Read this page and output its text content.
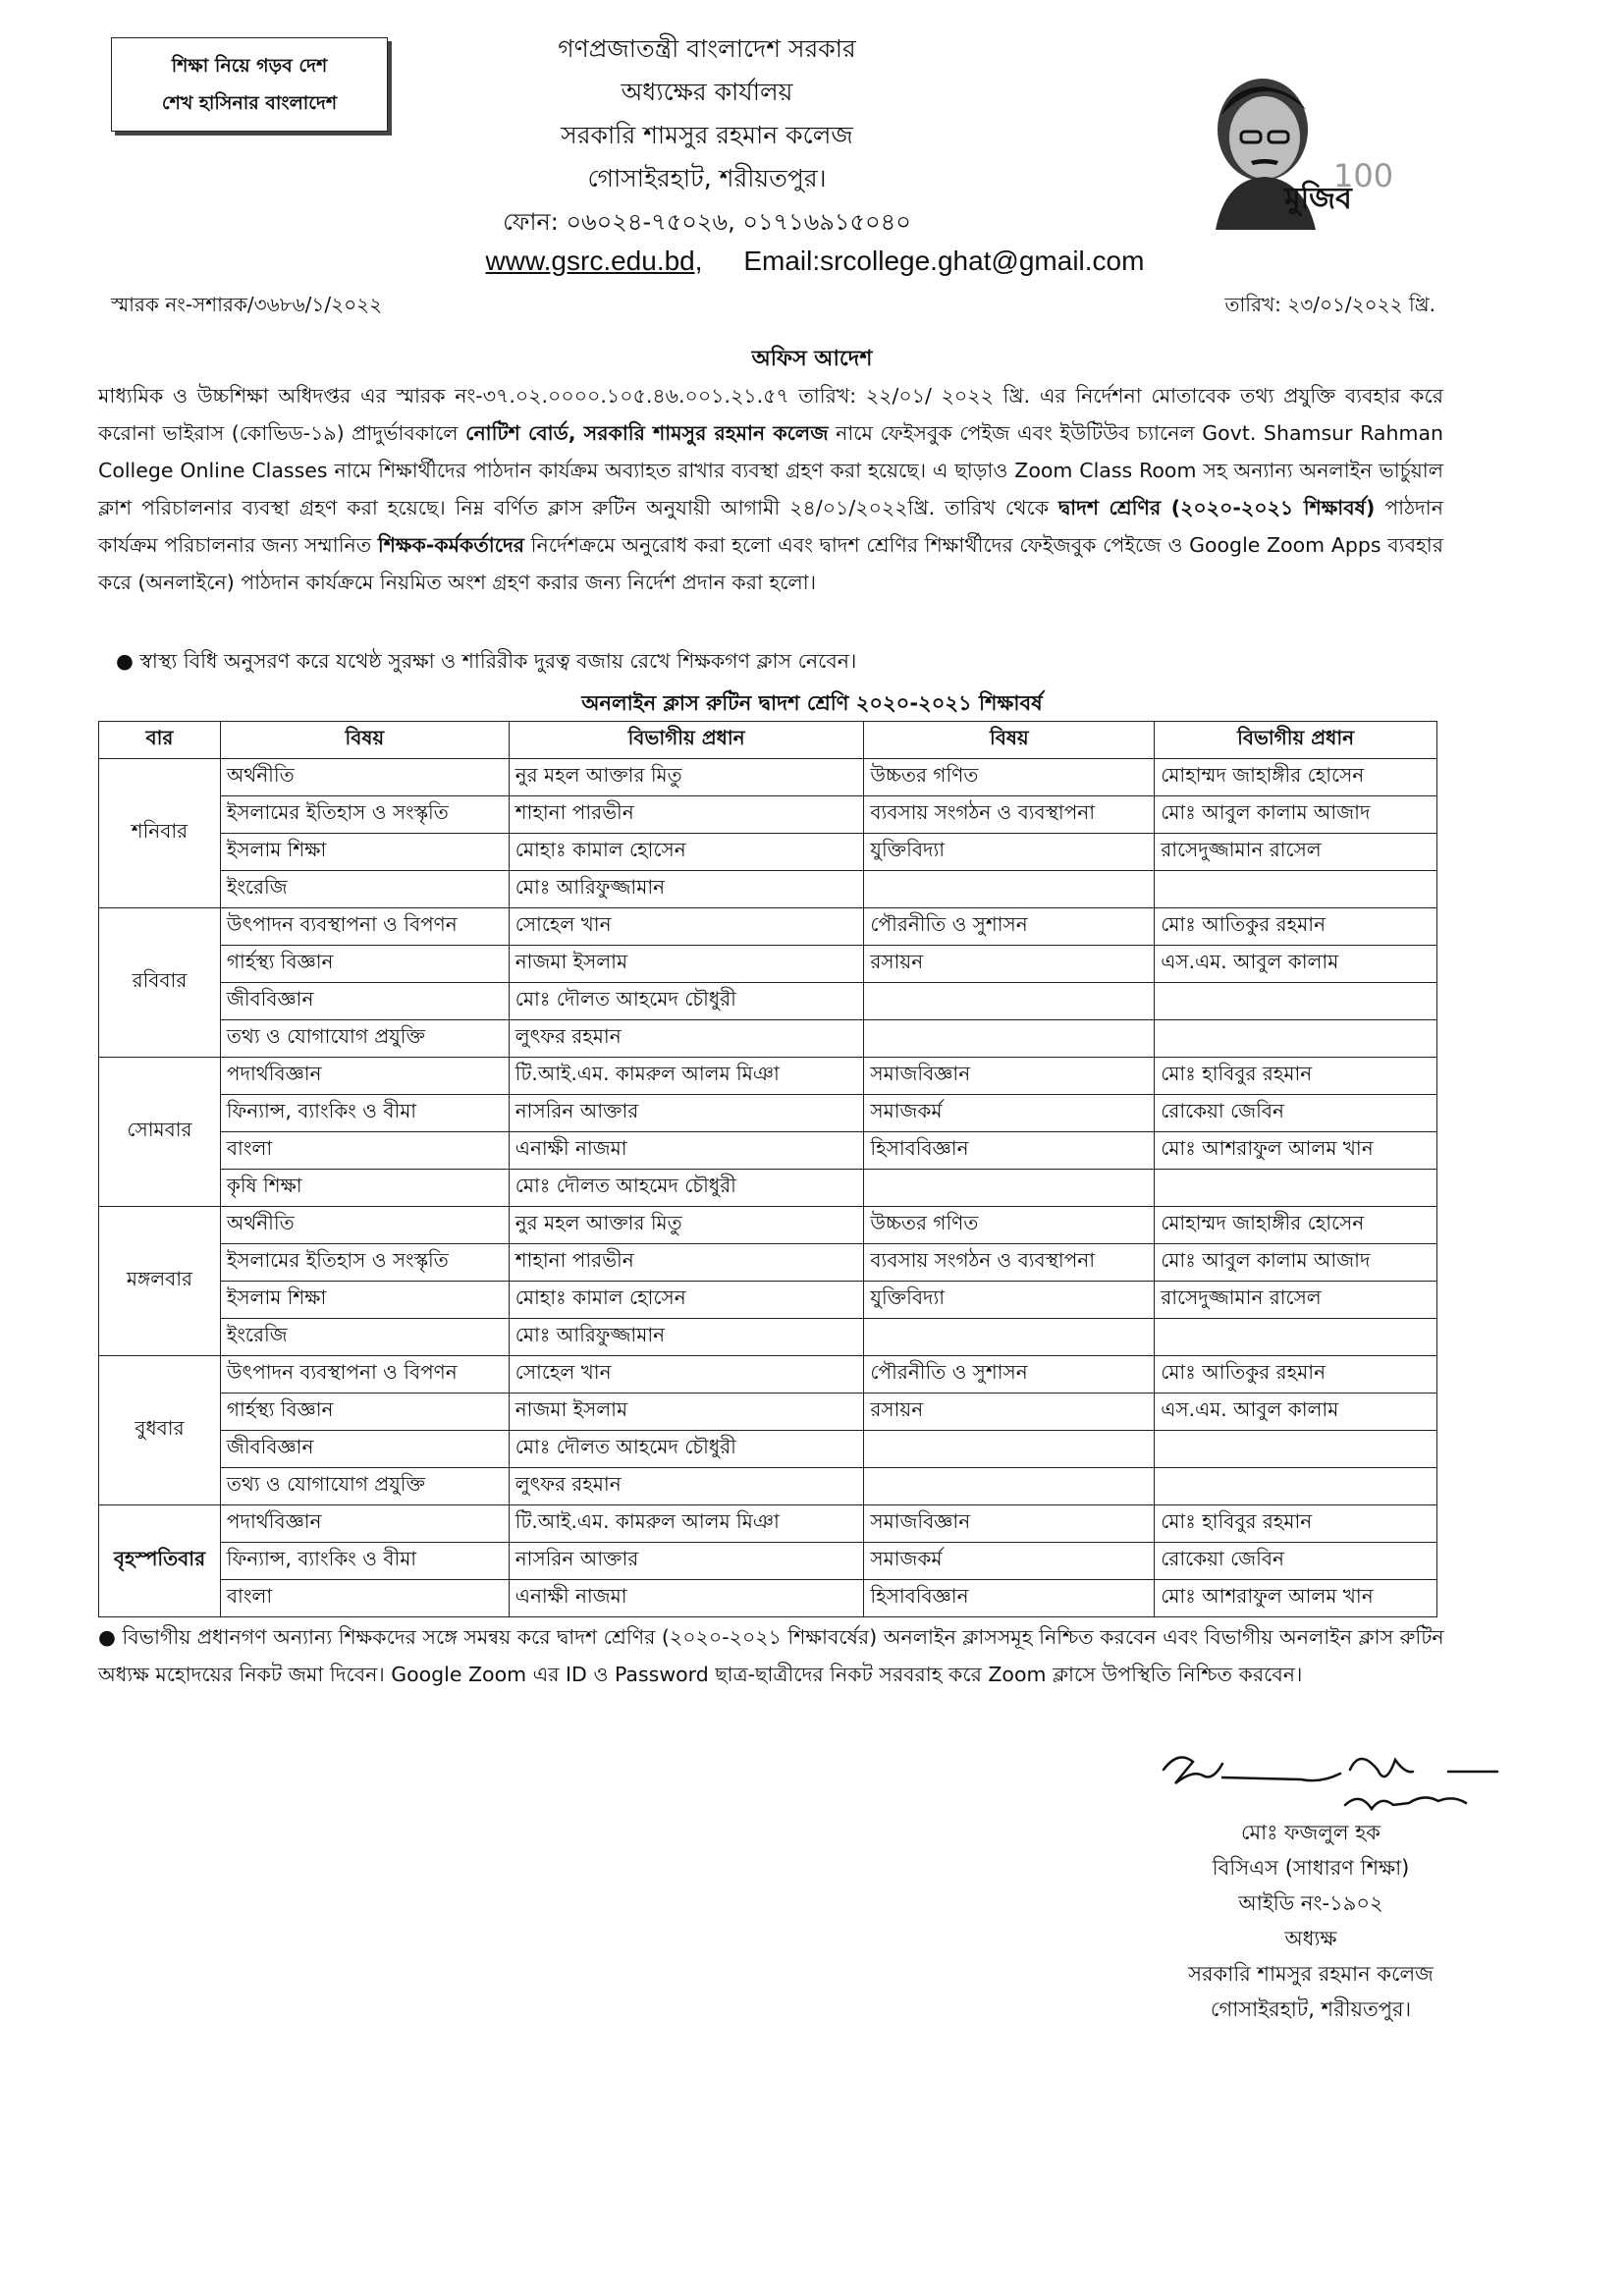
শিক্ষা নিয়ে গড়ব দেশ
শেখ হাসিনার বাংলাদেশ
গণপ্রজাতন্ত্রী বাংলাদেশ সরকার
অধ্যক্ষের কার্যালয়
সরকারি শামসুর রহমান কলেজ
গোসাইরহাট, শরীয়তপুর।
ফোন: ০৬০২৪-৭৫০২৬, ০১৭১৬৯১৫০৪০
www.gsrc.edu.bd, Email:srcollege.ghat@gmail.com
মুজিব
100
স্মারক নং-সশারক/৩৬৮৬/১/২০২২	তারিখ: ২৩/০১/২০২২ খ্রি.
অফিস আদেশ
মাধ্যমিক ও উচ্চশিক্ষা অধিদপ্তর এর স্মারক নং-৩৭.০২.০০০০.১০৫.৪৬.০০১.২১.৫৭ তারিখ: ২২/০১/ ২০২২ খ্রি. এর নির্দেশনা মোতাবেক তথ্য প্রযুক্তি ব্যবহার করে করোনা ভাইরাস (কোভিড-১৯) প্রাদুর্ভাবকালে নোটিশ বোর্ড, সরকারি শামসুর রহমান কলেজ নামে ফেইসবুক পেইজ এবং ইউটিউব চ্যানেল Govt. Shamsur Rahman College Online Classes নামে শিক্ষার্থীদের পাঠদান কার্যক্রম অব্যাহত রাখার ব্যবস্থা গ্রহণ করা হয়েছে। এ ছাড়াও Zoom Class Room সহ অন্যান্য অনলাইন ভার্চুয়াল ক্লাশ পরিচালনার ব্যবস্থা গ্রহণ করা হয়েছে। নিম্ন বর্ণিত ক্লাস রুটিন অনুযায়ী আগামী ২৪/০১/২০২২খ্রি. তারিখ থেকে দ্বাদশ শ্রেণির (২০২০-২০২১ শিক্ষাবর্ষ) পাঠদান কার্যক্রম পরিচালনার জন্য সম্মানিত শিক্ষক-কর্মকর্তাদের নির্দেশক্রমে অনুরোধ করা হলো এবং দ্বাদশ শ্রেণির শিক্ষার্থীদের ফেইজবুক পেইজে ও Google Zoom Apps ব্যবহার করে (অনলাইনে) পাঠদান কার্যক্রমে নিয়মিত অংশ গ্রহণ করার জন্য নির্দেশ প্রদান করা হলো।
● স্বাস্থ্য বিধি অনুসরণ করে যথেষ্ঠ সুরক্ষা ও শারিরীক দুরত্ব বজায় রেখে শিক্ষকগণ ক্লাস নেবেন।
অনলাইন ক্লাস রুটিন দ্বাদশ শ্রেণি ২০২০-২০২১ শিক্ষাবর্ষ
বার	বিষয়	বিভাগীয় প্রধান	বিষয়	বিভাগীয় প্রধান
শনিবার	অর্থনীতি	নুর মহল আক্তার মিতু	উচ্চতর গণিত	মোহাম্মদ জাহাঙ্গীর হোসেন
	ইসলামের ইতিহাস ও সংস্কৃতি	শাহানা পারভীন	ব্যবসায় সংগঠন ও ব্যবস্থাপনা	মোঃ আবুল কালাম আজাদ
	ইসলাম শিক্ষা	মোহাঃ কামাল হোসেন	যুক্তিবিদ্যা	রাসেদুজ্জামান রাসেল
	ইংরেজি	মোঃ আরিফুজ্জামান		
রবিবার	উৎপাদন ব্যবস্থাপনা ও বিপণন	সোহেল খান	পৌরনীতি ও সুশাসন	মোঃ আতিকুর রহমান
	গার্হস্থ্য বিজ্ঞান	নাজমা ইসলাম	রসায়ন	এস.এম. আবুল কালাম
	জীববিজ্ঞান	মোঃ দৌলত আহমেদ চৌধুরী		
	তথ্য ও যোগাযোগ প্রযুক্তি	লুৎফর রহমান		
সোমবার	পদার্থবিজ্ঞান	টি.আই.এম. কামরুল আলম মিঞা	সমাজবিজ্ঞান	মোঃ হাবিবুর রহমান
	ফিন্যান্স, ব্যাংকিং ও বীমা	নাসরিন আক্তার	সমাজকর্ম	রোকেয়া জেবিন
	বাংলা	এনাক্ষী নাজমা	হিসাববিজ্ঞান	মোঃ আশরাফুল আলম খান
	কৃষি শিক্ষা	মোঃ দৌলত আহমেদ চৌধুরী		
মঙ্গলবার	অর্থনীতি	নুর মহল আক্তার মিতু	উচ্চতর গণিত	মোহাম্মদ জাহাঙ্গীর হোসেন
	ইসলামের ইতিহাস ও সংস্কৃতি	শাহানা পারভীন	ব্যবসায় সংগঠন ও ব্যবস্থাপনা	মোঃ আবুল কালাম আজাদ
	ইসলাম শিক্ষা	মোহাঃ কামাল হোসেন	যুক্তিবিদ্যা	রাসেদুজ্জামান রাসেল
	ইংরেজি	মোঃ আরিফুজ্জামান		
বুধবার	উৎপাদন ব্যবস্থাপনা ও বিপণন	সোহেল খান	পৌরনীতি ও সুশাসন	মোঃ আতিকুর রহমান
	গার্হস্থ্য বিজ্ঞান	নাজমা ইসলাম	রসায়ন	এস.এম. আবুল কালাম
	জীববিজ্ঞান	মোঃ দৌলত আহমেদ চৌধুরী		
	তথ্য ও যোগাযোগ প্রযুক্তি	লুৎফর রহমান		
বৃহস্পতিবার	পদার্থবিজ্ঞান	টি.আই.এম. কামরুল আলম মিঞা	সমাজবিজ্ঞান	মোঃ হাবিবুর রহমান
	ফিন্যান্স, ব্যাংকিং ও বীমা	নাসরিন আক্তার	সমাজকর্ম	রোকেয়া জেবিন
	বাংলা	এনাক্ষী নাজমা	হিসাববিজ্ঞান	মোঃ আশরাফুল আলম খান
● বিভাগীয় প্রধানগণ অন্যান্য শিক্ষকদের সঙ্গে সমন্বয় করে দ্বাদশ শ্রেণির (২০২০-২০২১ শিক্ষাবর্ষের) অনলাইন ক্লাসসমূহ নিশ্চিত করবেন এবং বিভাগীয় অনলাইন ক্লাস রুটিন অধ্যক্ষ মহোদয়ের নিকট জমা দিবেন। Google Zoom এর ID ও Password ছাত্র-ছাত্রীদের নিকট সরবরাহ করে Zoom ক্লাসে উপস্থিতি নিশ্চিত করবেন।
মোঃ ফজলুল হক
বিসিএস (সাধারণ শিক্ষা)
আইডি নং-১৯০২
অধ্যক্ষ
সরকারি শামসুর রহমান কলেজ
গোসাইরহাট, শরীয়তপুর।
